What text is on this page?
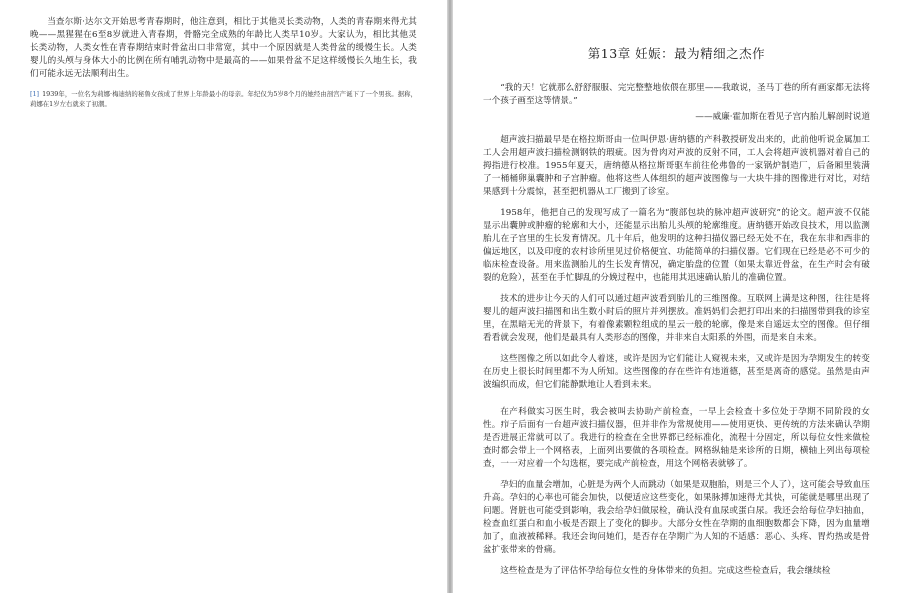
当查尔斯·达尔文开始思考青春期时，他注意到，相比于其他灵长类动物，人类的青春期来得尤其晚——黑猩猩在6至8岁就进入青春期，骨骼完全成熟的年龄比人类早10岁。大家认为，相比其他灵长类动物，人类女性在青春期结束时骨盆出口非常宽，其中一个原因就是人类骨盆的缓慢生长。人类婴儿的头颅与身体大小的比例在所有哺乳动物中是最高的——如果骨盆不足这样缓慢长久地生长，我们可能永远无法顺利出生。

[1] 1939年，一位名为莉娜·梅迪纳的秘鲁女孩成了世界上年龄最小的母亲。年纪仅为5岁8个月的她经由剖宫产诞下了一个男孩。据称，莉娜在1岁左右就来了初潮。

第13章 妊娠：最为精细之杰作

“我的天！它就那么舒舒服服、完完整整地依偎在那里——我敢说，圣马丁巷的所有画家都无法将一个孩子画至这等情景。”

——威廉·霍加斯在看见子宫内胎儿解剖时说道

超声波扫描最早是在格拉斯哥由一位叫伊恩·唐纳德的产科教授研发出来的，此前他听说金属加工工人会用超声波扫描检测钢铁的瑕疵。因为骨肉对声波的反射不同，工人会将超声波机器对着自己的拇指进行校准。1955年夏天，唐纳德从格拉斯哥驱车前往伦弗鲁的一家锅炉制造厂，后备厢里装满了一桶桶卵巢囊肿和子宫肿瘤。他将这些人体组织的超声波图像与一大块牛排的图像进行对比，对结果感到十分震惊，甚至把机器从工厂搬到了诊室。

1958年，他把自己的发现写成了一篇名为“腹部包块的脉冲超声波研究”的论文。超声波不仅能显示出囊肿或肿瘤的轮廓和大小，还能显示出胎儿头颅的轮廓维度。唐纳德开始改良技术，用以监测胎儿在子宫里的生长发育情况。几十年后，他发明的这种扫描仪器已经无处不在，我在东非和西非的偏远地区，以及印度的农村诊所里见过价格便宜、功能简单的扫描仪器。它们现在已经是必不可少的临床检查设备。用来监测胎儿的生长发育情况，确定胎盘的位置（如果太靠近骨盆，在生产时会有破裂的危险），甚至在手忙脚乱的分娩过程中，也能用其迅速确认胎儿的准确位置。

技术的进步让今天的人们可以通过超声波看到胎儿的三维图像。互联网上满是这种图，往往是将婴儿的超声波扫描图和出生数小时后的照片并列摆放。准妈妈们会把打印出来的扫描图带到我的诊室里，在黑暗无光的背景下，有着像素颗粒组成的星云一般的轮廓，像是来自遥远太空的图像。但仔细看看就会发现，他们是最具有人类形态的图像，并非来自太阳系的外围，而是来自未来。

这些图像之所以如此令人着迷，或许是因为它们能让人窥视未来，又或许是因为孕期发生的转变在历史上很长时间里都不为人所知。这些图像的存在些许有违道德，甚至是离奇的感觉。虽然是由声波编织而成，但它们能静默地让人看到未来。

在产科做实习医生时，我会被叫去协助产前检查，一早上会检查十多位处于孕期不同阶段的女性。疖子后面有一台超声波扫描仪器，但并非作为常规使用——使用更快、更传统的方法来确认孕期是否进展正常就可以了。我进行的检查在全世界都已经标准化，流程十分固定，所以每位女性来做检查时都会带上一个网格表，上面列出要做的各项检查。网格纵轴是来诊所的日期，横轴上列出每项检查，一一对应着一个勾选框，要完成产前检查，用这个网格表就够了。

孕妇的血量会增加，心脏是为两个人而跳动（如果是双胞胎，则是三个人了），这可能会导致血压升高。孕妇的心率也可能会加快，以便适应这些变化，如果脉搏加速得尤其快，可能就是哪里出现了问题。肾脏也可能受到影响，我会给孕妇做尿检，确认没有血尿或蛋白尿。我还会给每位孕妇抽血，检查血红蛋白和血小板是否跟上了变化的脚步。大部分女性在孕期的血细胞数都会下降，因为血量增加了，血液被稀释。我还会询问她们，是否存在孕期广为人知的不适感：恶心、头疼、胃灼热或是骨盆扩张带来的骨痛。

这些检查是为了评估怀孕给每位女性的身体带来的负担。完成这些检查后，我会继续检
